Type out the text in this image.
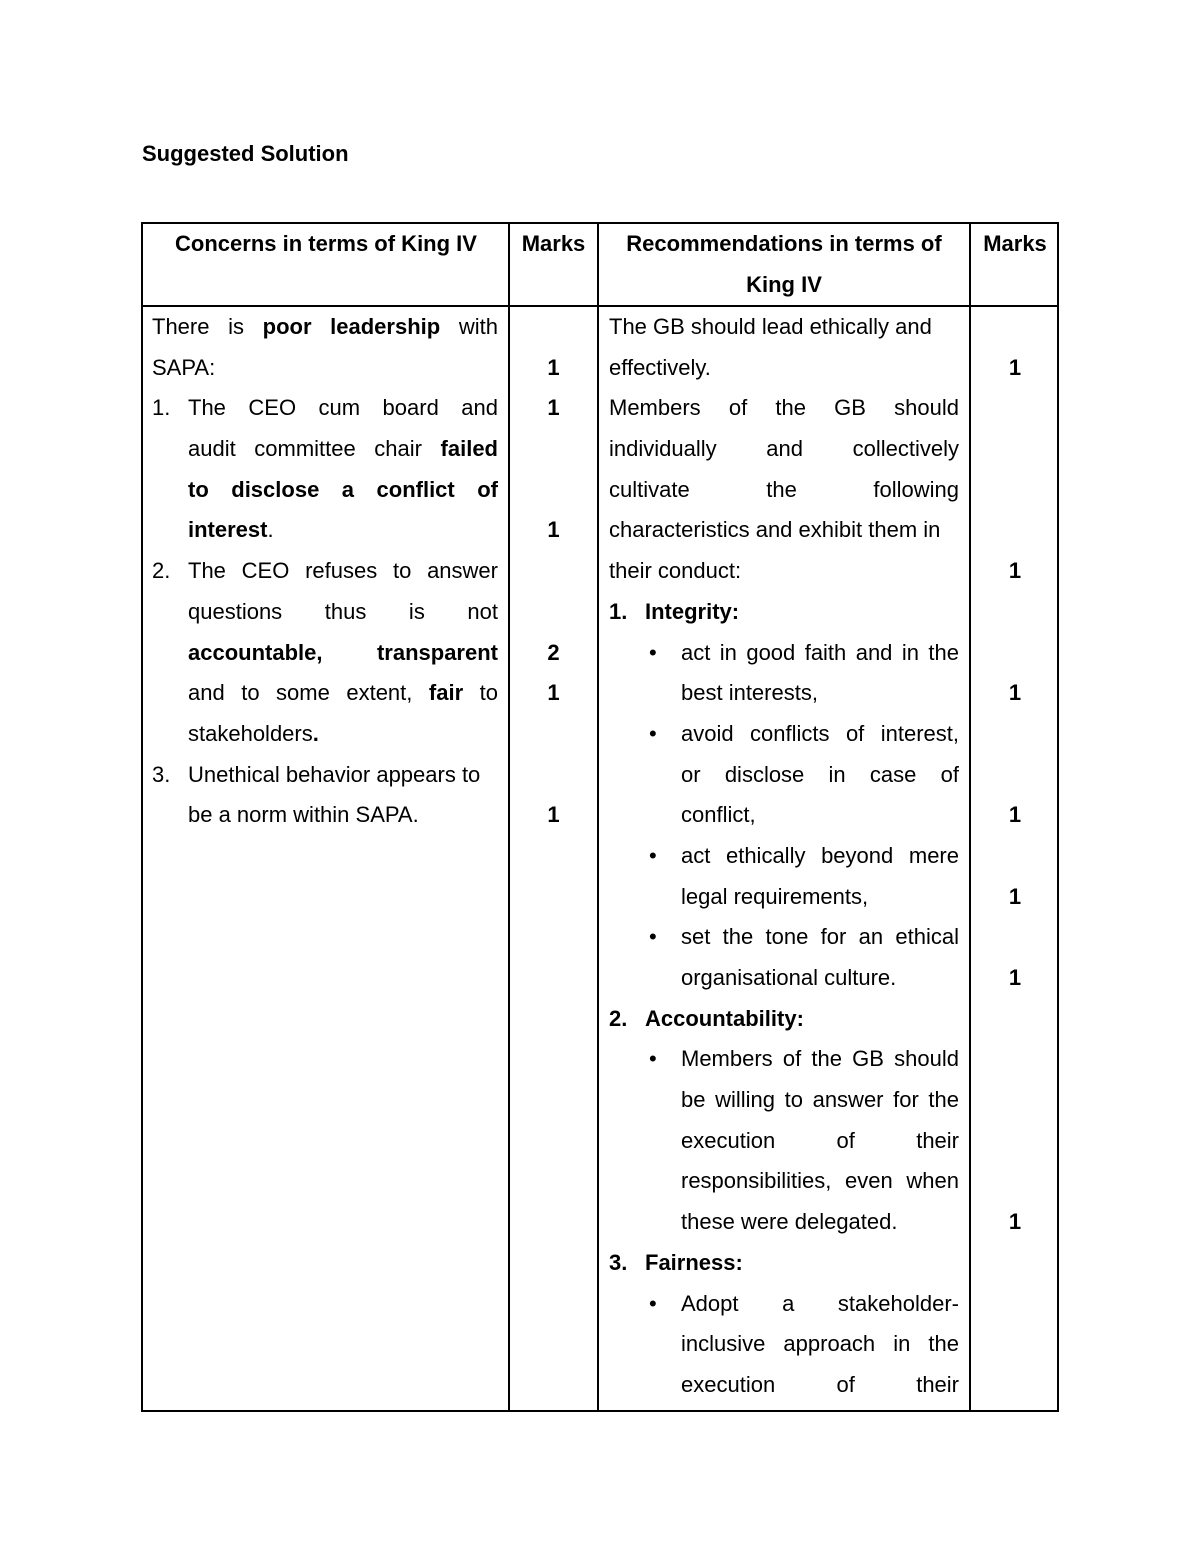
Suggested Solution
Concerns in terms of King IV	Marks	Recommendations in terms of
King IV
Marks
There is poor leadership with
SAPA:
1. The CEO cum board and
audit committee chair failed
to disclose a conflict of
interest.
2. The CEO refuses to answer
questions thus is not
accountable, transparent
and to some extent, fair to
stakeholders.
3. Unethical behavior appears to
be a norm within SAPA.
1
1
1
2
1
1
The GB should lead ethically and
effectively.
Members of the GB should
individually and collectively
cultivate the following
characteristics and exhibit them in
their conduct:
1. Integrity:
• act in good faith and in the
best interests,
• avoid conflicts of interest,
or disclose in case of
conflict,
• act ethically beyond mere
legal requirements,
• set the tone for an ethical
organisational culture.
2. Accountability:
• Members of the GB should
be willing to answer for the
execution of their
responsibilities, even when
these were delegated.
3. Fairness:
• Adopt a stakeholder-
inclusive approach in the
execution of their
1
1
1
1
1
1
1
